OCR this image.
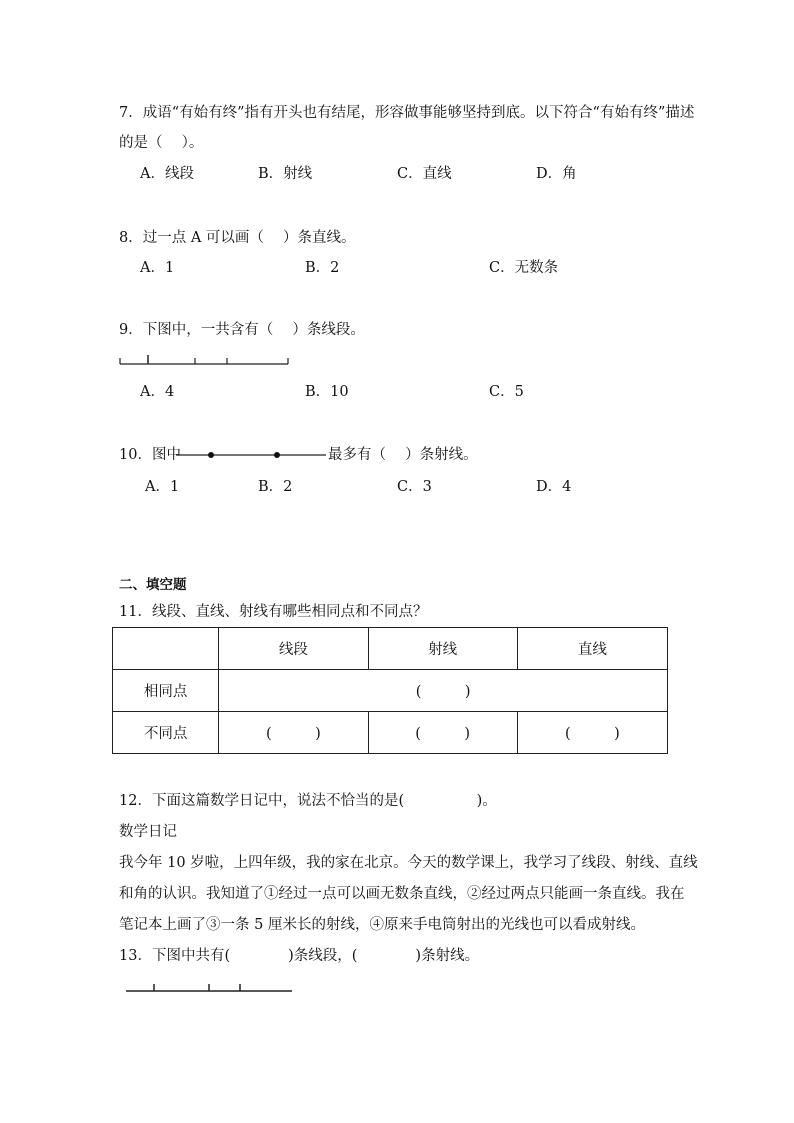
7．成语“有始有终”指有开头也有结尾，形容做事能够坚持到底。以下符合“有始有终”描述
的是（　 ）。
A．线段	B．射线	C．直线	D．角
8．过一点 A 可以画（　 ）条直线。
A．1	B．2	C．无数条
9．下图中，一共含有（　 ）条线段。
A．4	B．10	C．5
10．图中	最多有（　 ）条射线。
A．1	B．2	C．3	D．4
二、填空题
11．线段、直线、射线有哪些相同点和不同点？
	线段	射线	直线
相同点	(　　　)		
不同点	(　　　)	(　　　)	(　　　)
12．下面这篇数学日记中，说法不恰当的是(　　　　　)。
数学日记
我今年 10 岁啦，上四年级，我的家在北京。今天的数学课上，我学习了线段、射线、直线
和角的认识。我知道了①经过一点可以画无数条直线，②经过两点只能画一条直线。我在
笔记本上画了③一条 5 厘米长的射线，④原来手电筒射出的光线也可以看成射线。
13．下图中共有(　　　　)条线段，(　　　　)条射线。
